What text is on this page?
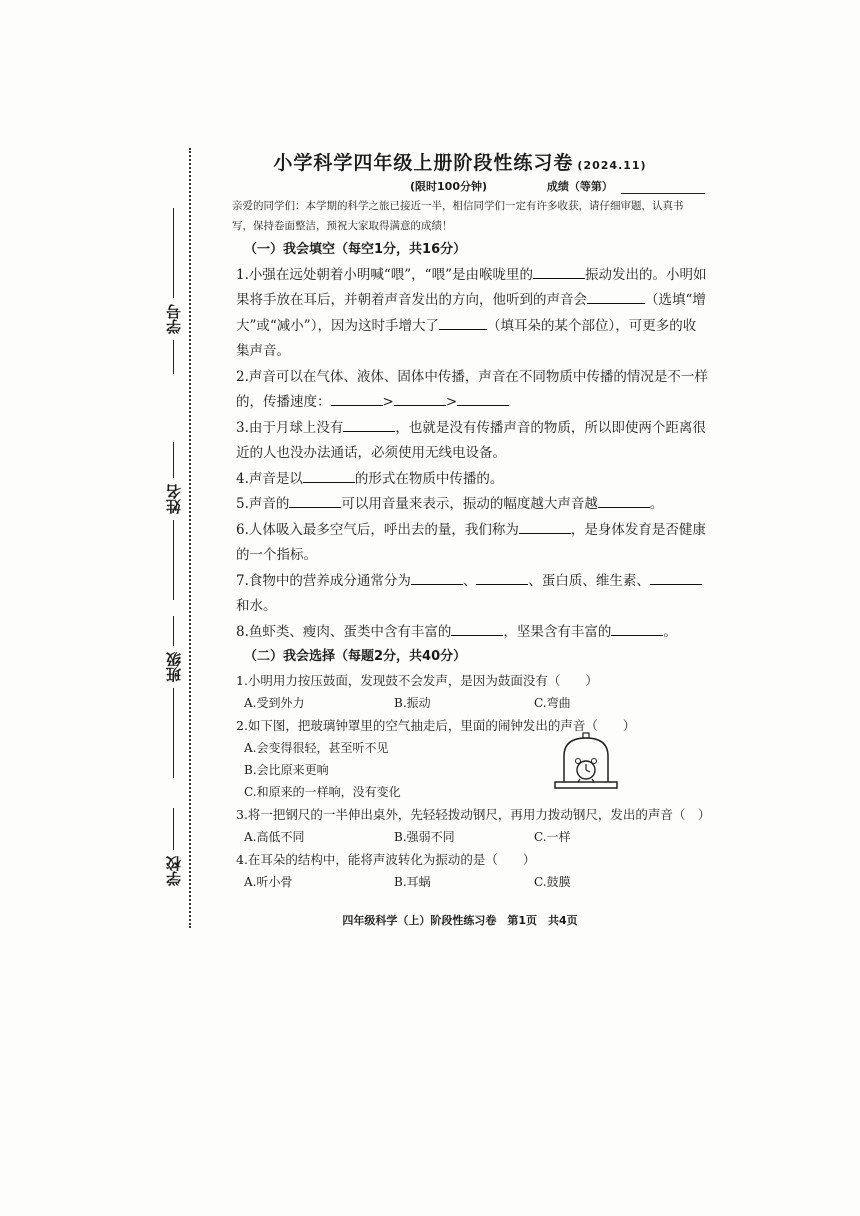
学号
姓名
班级
学校
小学科学四年级上册阶段性练习卷 (2024.11)
(限时100分钟)	成绩（等第）
亲爱的同学们：本学期的科学之旅已接近一半，相信同学们一定有许多收获，请仔细审题，认真书写，保持卷面整洁，预祝大家取得满意的成绩！
（一）我会填空（每空1分，共16分）

1.小强在远处朝着小明喊“喂”，“喂”是由喉咙里的	振动发出的。小明如果将手放在耳后，并朝着声音发出的方向，他听到的声音会	（选填“增大”或“减小”），因为这时手增大了	（填耳朵的某个部位），可更多的收集声音。

2.声音可以在气体、液体、固体中传播，声音在不同物质中传播的情况是不一样的，传播速度：	>	>

3.由于月球上没有	，也就是没有传播声音的物质，所以即使两个距离很近的人也没办法通话，必须使用无线电设备。

4.声音是以	的形式在物质中传播的。

5.声音的	可以用音量来表示，振动的幅度越大声音越	。

6.人体吸入最多空气后，呼出去的量，我们称为	，是身体发育是否健康的一个指标。

7.食物中的营养成分通常分为	、	、蛋白质、维生素、和水。

8.鱼虾类、瘦肉、蛋类中含有丰富的	，坚果含有丰富的	。

（二）我会选择（每题2分，共40分）

1.小明用力按压鼓面，发现鼓不会发声，是因为鼓面没有（　　）

A.受到外力	B.振动	C.弯曲

2.如下图，把玻璃钟罩里的空气抽走后，里面的闹钟发出的声音（　　）

A.会变得很轻，甚至听不见
B.会比原来更响
C.和原来的一样响，没有变化

3.将一把钢尺的一半伸出桌外，先轻轻拨动钢尺，再用力拨动钢尺，发出的声音（　）

A.高低不同	B.强弱不同	C.一样

4.在耳朵的结构中，能将声波转化为振动的是（　　）

A.听小骨	B.耳蜗	C.鼓膜
四年级科学（上）阶段性练习卷　第1页　共4页
